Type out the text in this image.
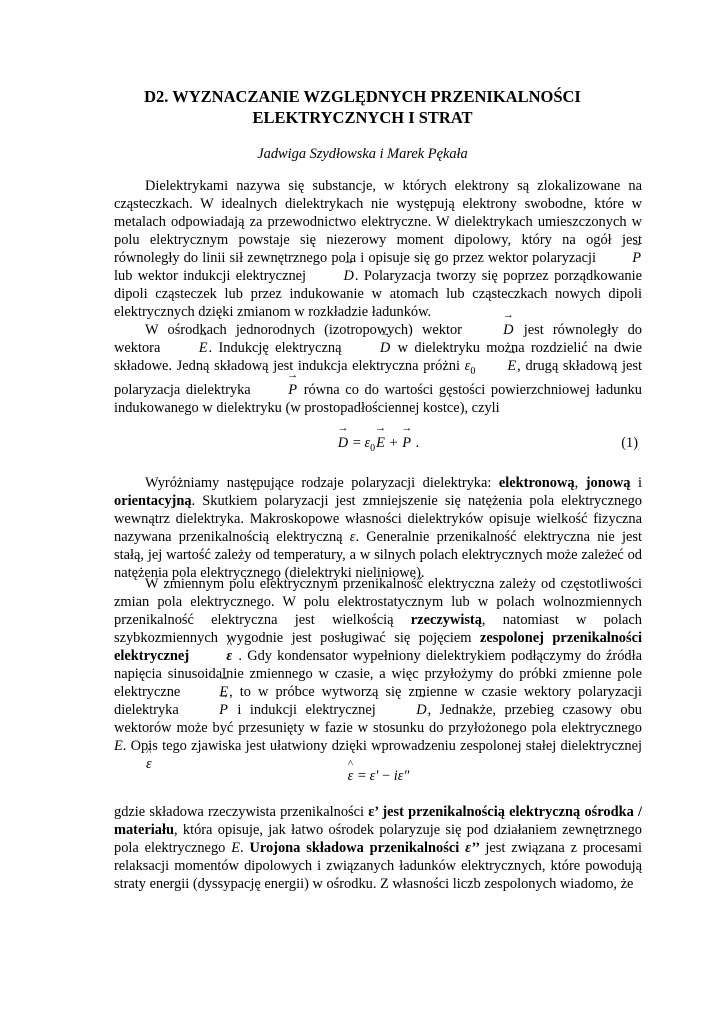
D2. WYZNACZANIE WZGLĘDNYCH PRZENIKALNOŚCI
ELEKTRYCZNYCH I STRAT
Jadwiga Szydłowska i Marek Pękała
Dielektrykami nazywa się substancje, w których elektrony są zlokalizowane na cząsteczkach. W idealnych dielektrykach nie występują elektrony swobodne, które w metalach odpowiadają za przewodnictwo elektryczne. W dielektrykach umieszczonych w polu elektrycznym powstaje się niezerowy moment dipolowy, który na ogół jest równoległy do linii sił zewnętrznego pola i opisuje się go przez wektor polaryzacji → P lub wektor indukcji elektrycznej → D. Polaryzacja tworzy się poprzez porządkowanie dipoli cząsteczek lub przez indukowanie w atomach lub cząsteczkach nowych dipoli elektrycznych dzięki zmianom w rozkładzie ładunków.
W ośrodkach jednorodnych (izotropowych) wektor → D jest równoległy do wektora → E. Indukcję elektryczną → D w dielektryku można rozdzielić na dwie składowe. Jedną składową jest indukcja elektryczna próżni $\varepsilon_0 \to E$, drugą składową jest polaryzacja dielektryka → P równa co do wartości gęstości powierzchniowej ładunku indukowanego w dielektryku (w prostopadłościennej kostce), czyli
→ $D = \varepsilon_0\to E$ + → P .	(1)
Wyróżniamy następujące rodzaje polaryzacji dielektryka: elektronową, jonową i orientacyjną. Skutkiem polaryzacji jest zmniejszenie się natężenia pola elektrycznego wewnątrz dielektryka. Makroskopowe własności dielektryków opisuje wielkość fizyczna nazywana przenikalnością elektryczną ε. Generalnie przenikalność elektryczna nie jest stałą, jej wartość zależy od temperatury, a w silnych polach elektrycznych może zależeć od natężenia pola elektrycznego (dielektryki nieliniowe).
W zmiennym polu elektrycznym przenikalność elektryczna zależy od częstotliwości zmian pola elektrycznego. W polu elektrostatycznym lub w polach wolnozmiennych przenikalność elektryczna jest wielkością rzeczywistą, natomiast w polach szybkozmiennych wygodnie jest posługiwać się pojęciem zespolonej przenikalności elektrycznej	^ ε . Gdy kondensator wypełniony dielektrykiem podłączymy do źródła napięcia sinusoidalnie zmiennego w czasie, a więc przyłożymy do próbki zmienne pole elektryczne → E, to w próbce wytworzą się zmienne w czasie wektory polaryzacji dielektryka → P i indukcji elektrycznej → D, Jednakże, przebieg czasowy obu wektorów może być przesunięty w fazie w stosunku do przyłożonego pola elektrycznego E. Opis tego zjawiska jest ułatwiony dzięki wprowadzeniu zespolonej stałej dielektrycznej ^ ε
^ ε = ε′ − iε″
gdzie składowa rzeczywista przenikalności ε’ jest przenikalnością elektryczną ośrodka / materiału, która opisuje, jak łatwo ośrodek polaryzuje się pod działaniem zewnętrznego pola elektrycznego E. Urojona składowa przenikalności ε’’ jest związana z procesami relaksacji momentów dipolowych i związanych ładunków elektrycznych, które powodują straty energii (dyssypację energii) w ośrodku. Z własności liczb zespolonych wiadomo, że
